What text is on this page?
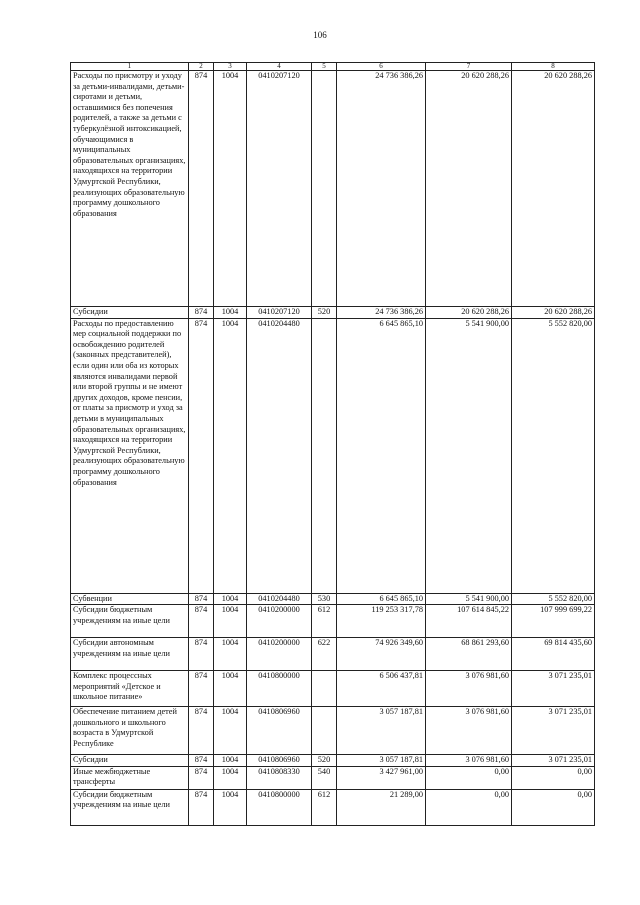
106
1	2	3	4	5	6	7	8
Расходы по присмотру и уходу за детьми-инвалидами, детьми-сиротами и детьми, оставшимися без попечения родителей, а также за детьми с туберкулёзной интоксикацией, обучающимися в муниципальных образовательных организациях, находящихся на территории Удмуртской Республики, реализующих образовательную программу дошкольного образования	874	1004	0410207120		24 736 386,26	20 620 288,26	20 620 288,26
Субсидии	874	1004	0410207120	520	24 736 386,26	20 620 288,26	20 620 288,26
Расходы по предоставлению мер социальной поддержки по освобождению родителей (законных представителей), если один или оба из которых являются инвалидами первой или второй группы и не имеют других доходов, кроме пенсии, от платы за присмотр и уход за детьми в муниципальных образовательных организациях, находящихся на территории Удмуртской Республики, реализующих образовательную программу дошкольного образования	874	1004	0410204480		6 645 865,10	5 541 900,00	5 552 820,00
Субвенции	874	1004	0410204480	530	6 645 865,10	5 541 900,00	5 552 820,00
Субсидии бюджетным учреждениям на иные цели	874	1004	0410200000	612	119 253 317,78	107 614 845,22	107 999 699,22
Субсидии автономным учреждениям на иные цели	874	1004	0410200000	622	74 926 349,60	68 861 293,60	69 814 435,60
Комплекс процессных мероприятий «Детское и школьное питание»	874	1004	0410800000		6 506 437,81	3 076 981,60	3 071 235,01
Обеспечение питанием детей дошкольного и школьного возраста в Удмуртской Республике	874	1004	0410806960		3 057 187,81	3 076 981,60	3 071 235,01
Субсидии	874	1004	0410806960	520	3 057 187,81	3 076 981,60	3 071 235,01
Иные межбюджетные трансферты	874	1004	0410808330	540	3 427 961,00	0,00	0,00
Субсидии бюджетным учреждениям на иные цели	874	1004	0410800000	612	21 289,00	0,00	0,00
